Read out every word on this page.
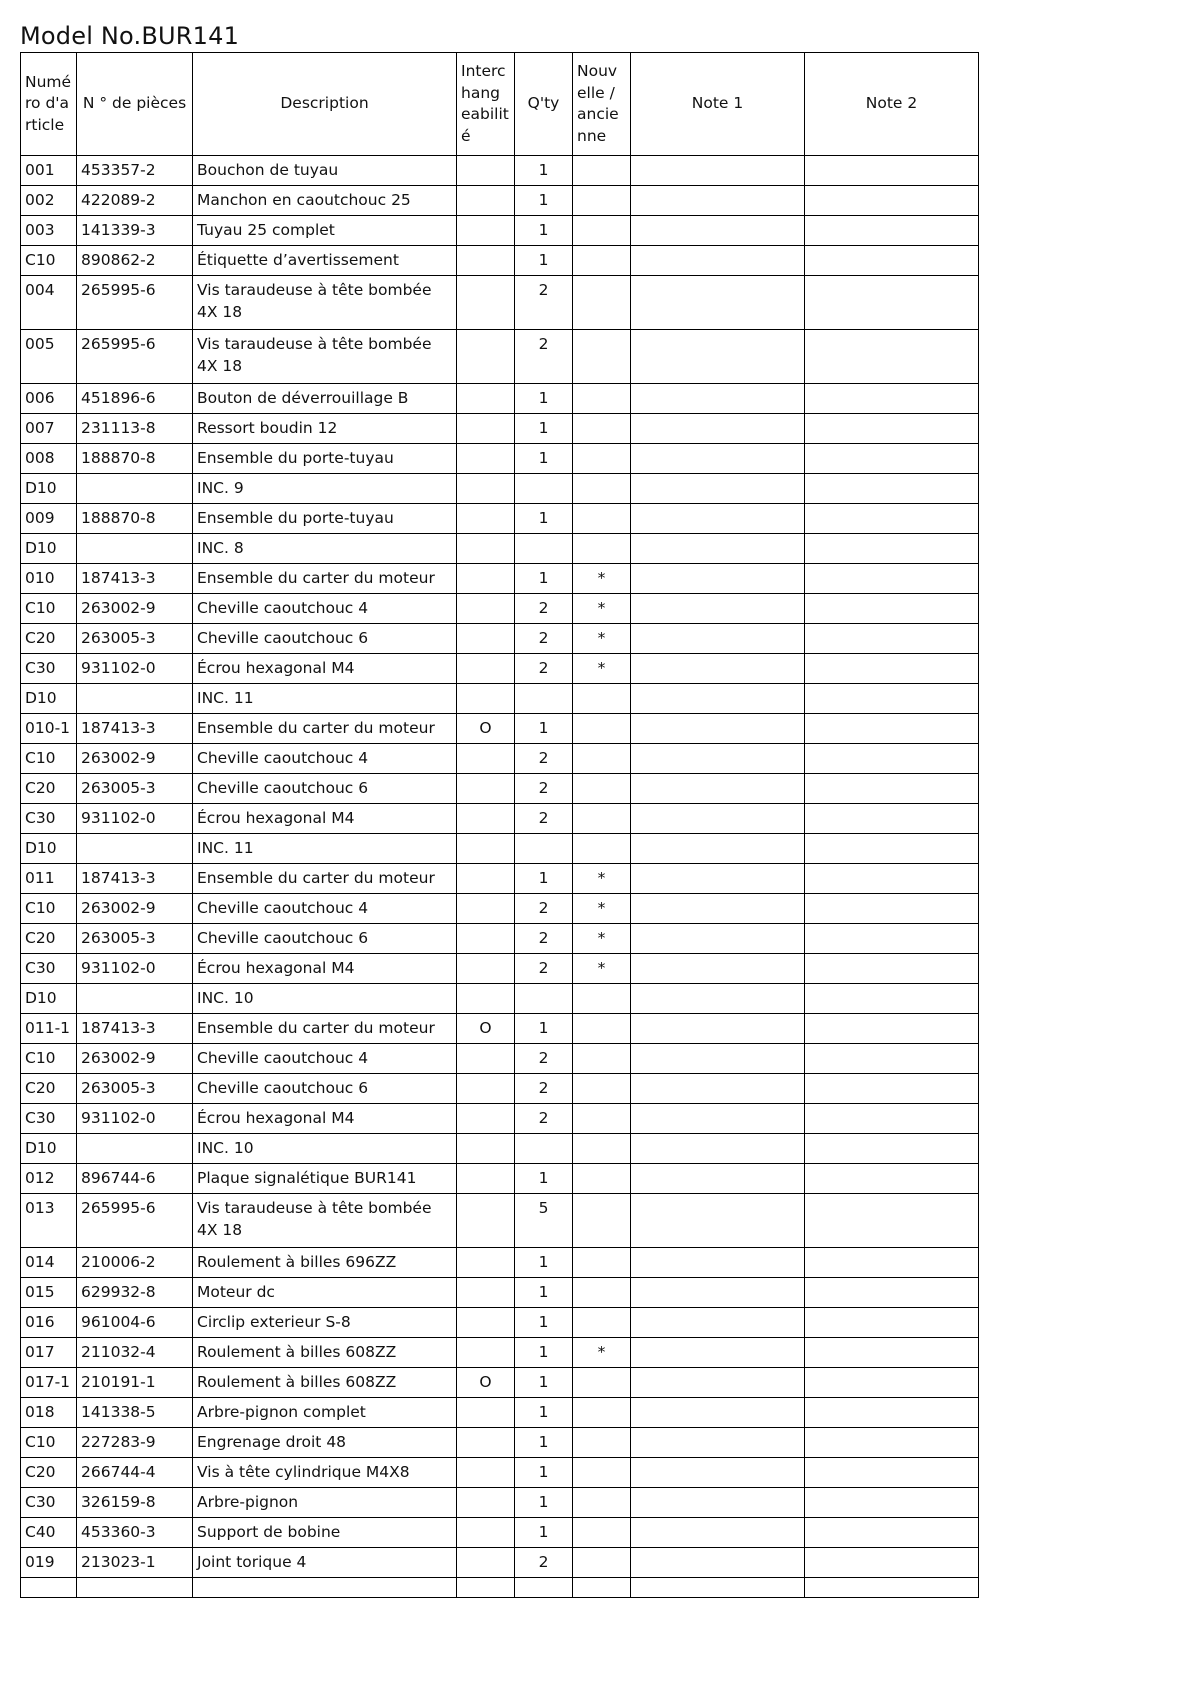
Model No.BUR141
Numé ro d'a rticle	N ° de pièces	Description	Interc hang eabilit é	Q'ty	Nouv elle / ancie nne	Note 1	Note 2
001	453357-2	Bouchon de tuyau		1			
002	422089-2	Manchon en caoutchouc 25		1			
003	141339-3	Tuyau 25 complet		1			
C10	890862-2	Étiquette d’avertissement		1			
004	265995-6	Vis taraudeuse à tête bombée 4X 18		2			
005	265995-6	Vis taraudeuse à tête bombée 4X 18		2			
006	451896-6	Bouton de déverrouillage B		1			
007	231113-8	Ressort boudin 12		1			
008	188870-8	Ensemble du porte-tuyau		1			
D10		INC. 9					
009	188870-8	Ensemble du porte-tuyau		1			
D10		INC. 8					
010	187413-3	Ensemble du carter du moteur		1	*		
C10	263002-9	Cheville caoutchouc 4		2	*		
C20	263005-3	Cheville caoutchouc 6		2	*		
C30	931102-0	Écrou hexagonal M4		2	*		
D10		INC. 11					
010-1	187413-3	Ensemble du carter du moteur	O	1			
C10	263002-9	Cheville caoutchouc 4		2			
C20	263005-3	Cheville caoutchouc 6		2			
C30	931102-0	Écrou hexagonal M4		2			
D10		INC. 11					
011	187413-3	Ensemble du carter du moteur		1	*		
C10	263002-9	Cheville caoutchouc 4		2	*		
C20	263005-3	Cheville caoutchouc 6		2	*		
C30	931102-0	Écrou hexagonal M4		2	*		
D10		INC. 10					
011-1	187413-3	Ensemble du carter du moteur	O	1			
C10	263002-9	Cheville caoutchouc 4		2			
C20	263005-3	Cheville caoutchouc 6		2			
C30	931102-0	Écrou hexagonal M4		2			
D10		INC. 10					
012	896744-6	Plaque signalétique BUR141		1			
013	265995-6	Vis taraudeuse à tête bombée 4X 18		5			
014	210006-2	Roulement à billes 696ZZ		1			
015	629932-8	Moteur dc		1			
016	961004-6	Circlip exterieur S-8		1			
017	211032-4	Roulement à billes 608ZZ		1	*		
017-1	210191-1	Roulement à billes 608ZZ	O	1			
018	141338-5	Arbre-pignon complet		1			
C10	227283-9	Engrenage droit 48		1			
C20	266744-4	Vis à tête cylindrique M4X8		1			
C30	326159-8	Arbre-pignon		1			
C40	453360-3	Support de bobine		1			
019	213023-1	Joint torique 4		2			
